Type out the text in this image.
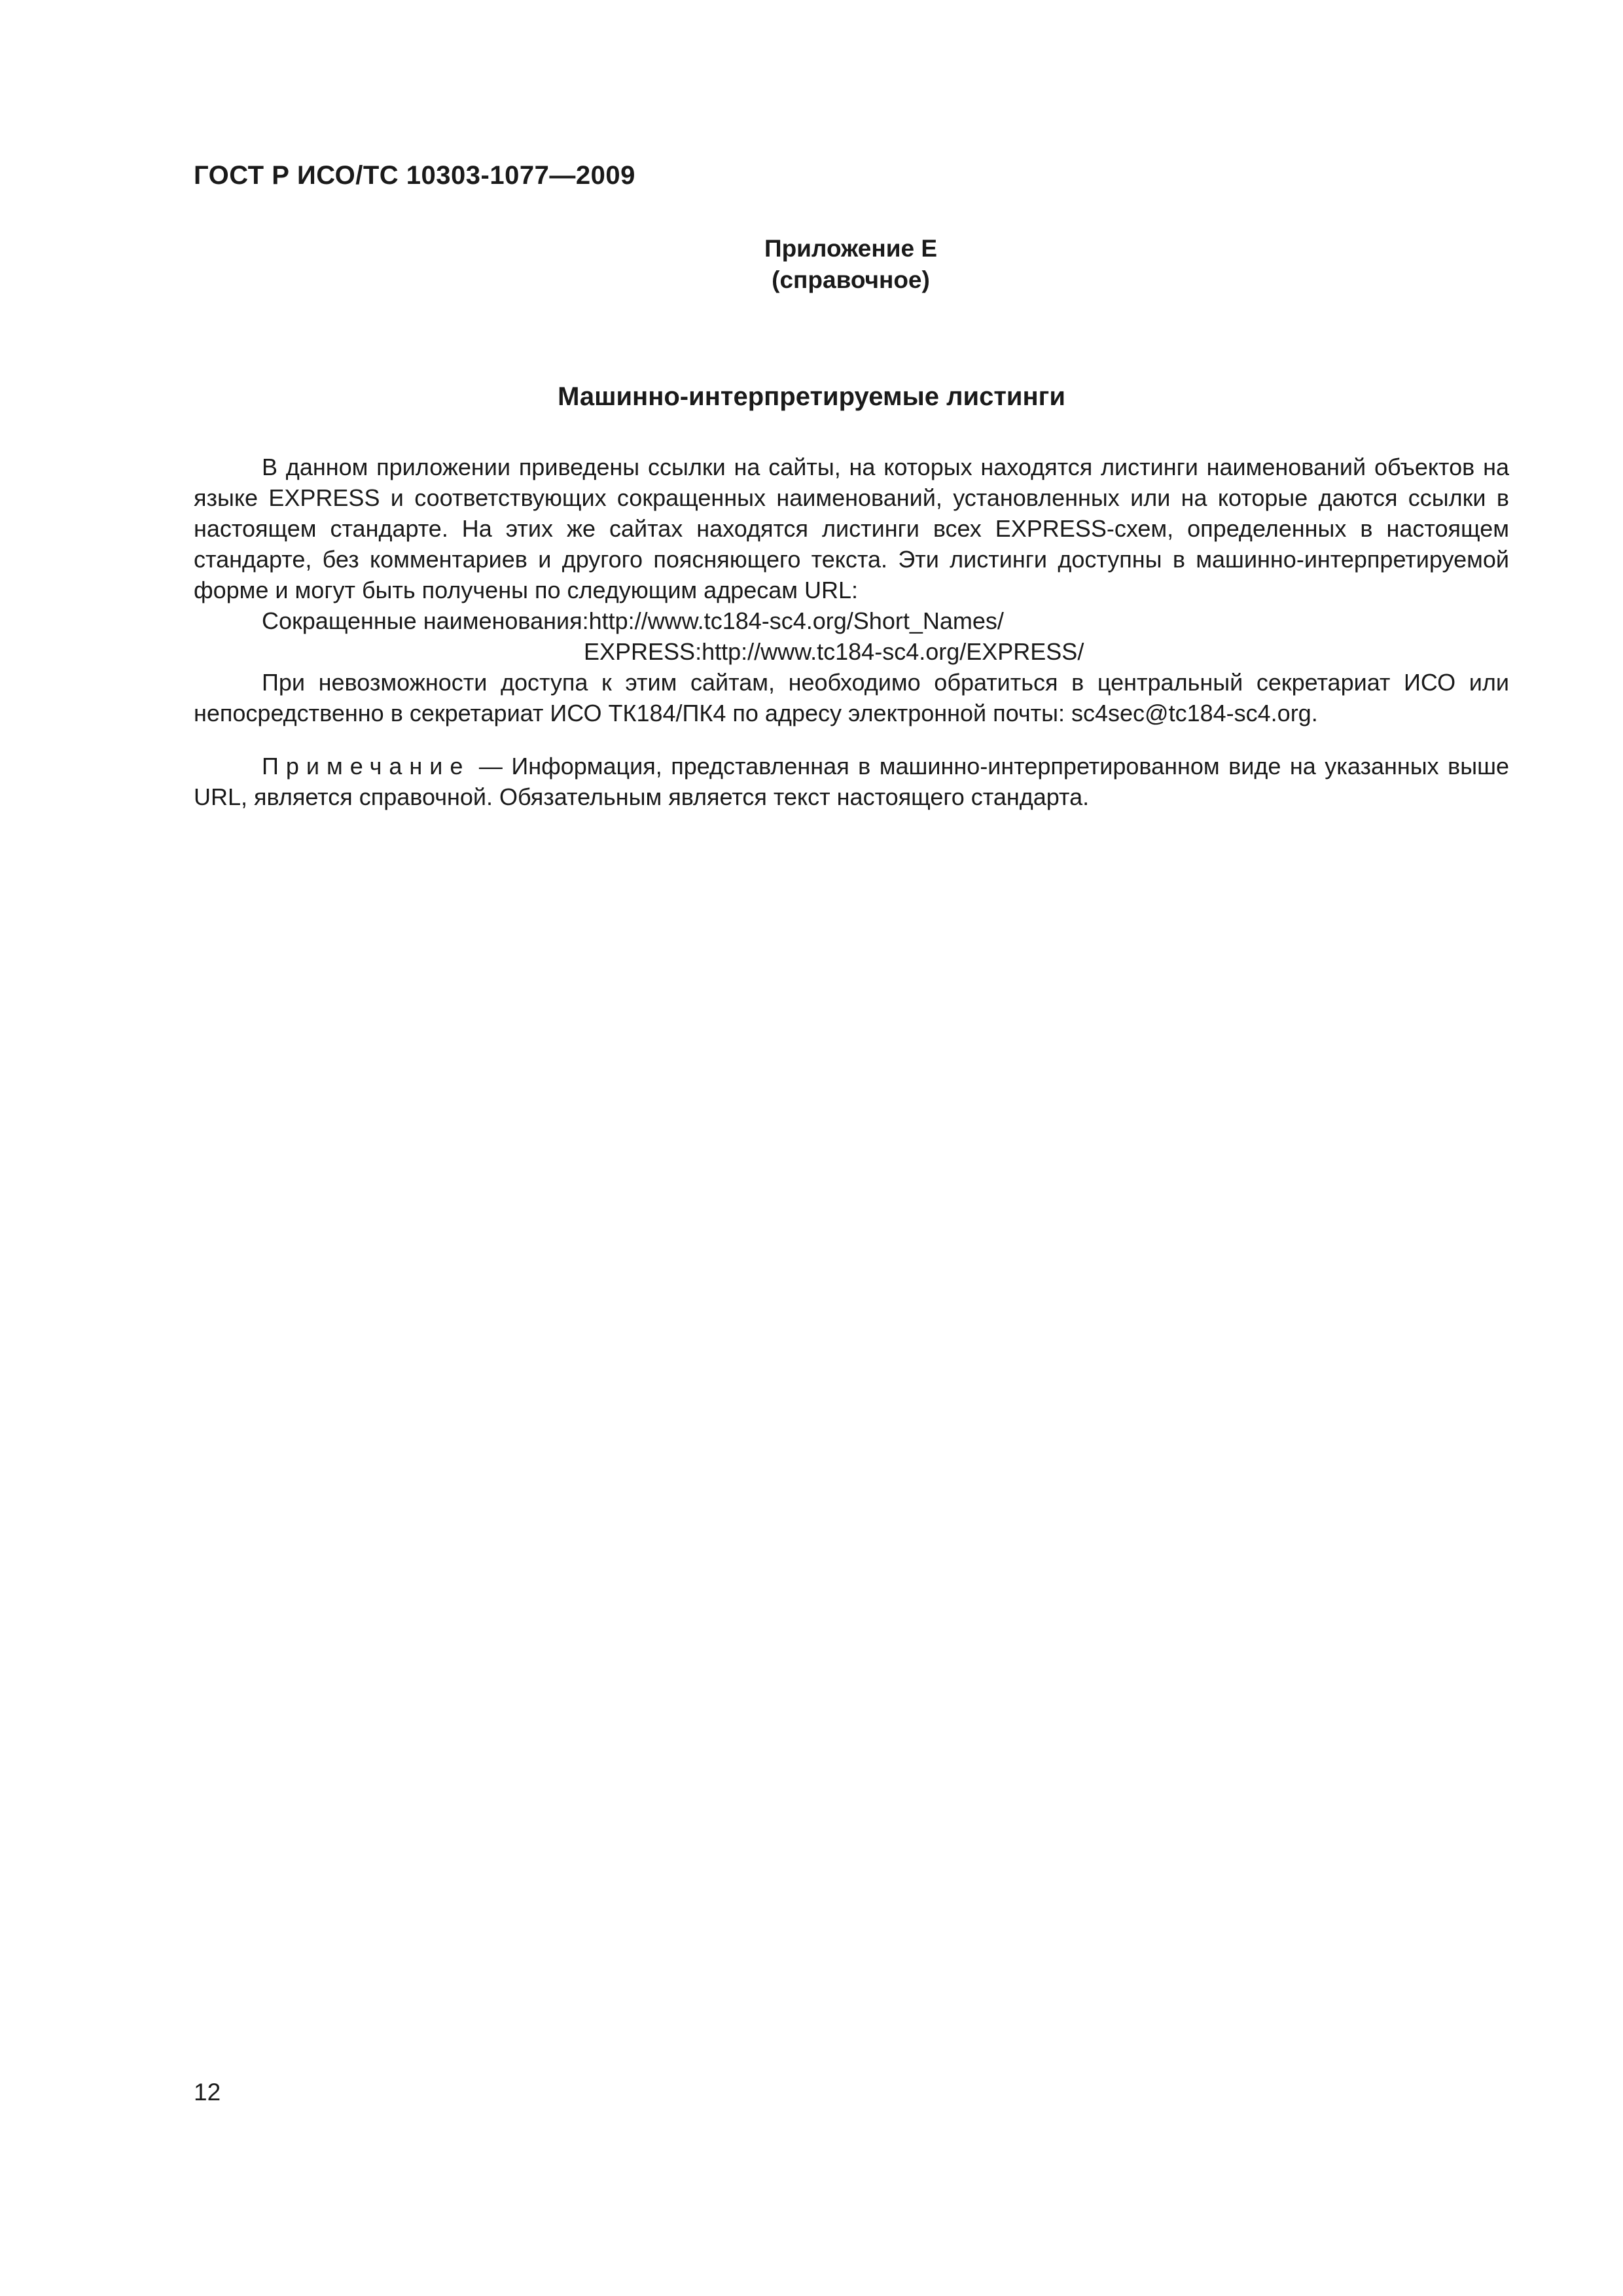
ГОСТ Р ИСО/ТС 10303-1077—2009
Приложение Е
(справочное)
Машинно-интерпретируемые листинги

В данном приложении приведены ссылки на сайты, на которых находятся листинги наименований объектов на языке EXPRESS и соответствующих сокращенных наименований, установленных или на которые даются ссылки в настоящем стандарте. На этих же сайтах находятся листинги всех EXPRESS-схем, определенных в настоящем стандарте, без комментариев и другого поясняющего текста. Эти листинги доступны в машинно-интерпретируемой форме и могут быть получены по следующим адресам URL:

Сокращенные наименования:http://www.tc184-sc4.org/Short_Names/
EXPRESS:http://www.tc184-sc4.org/EXPRESS/

При невозможности доступа к этим сайтам, необходимо обратиться в центральный секретариат ИСО или непосредственно в секретариат ИСО ТК184/ПК4 по адресу электронной почты: sc4sec@tc184-sc4.org.

Примечание — Информация, представленная в машинно-интерпретированном виде на указанных выше URL, является справочной. Обязательным является текст настоящего стандарта.

12
